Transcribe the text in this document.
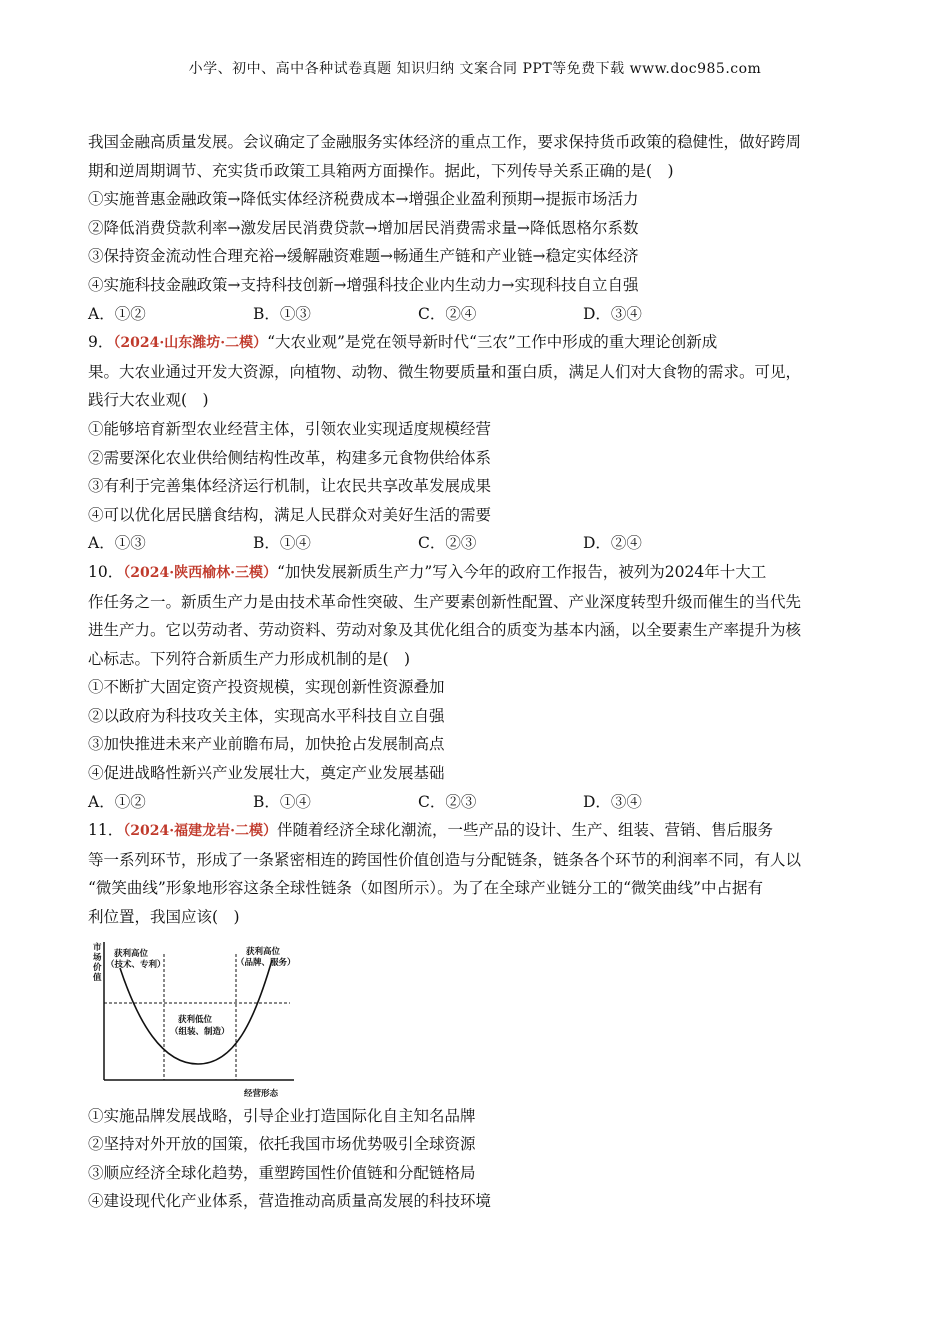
小学、初中、高中各种试卷真题 知识归纳 文案合同 PPT等免费下载 www.doc985.com
我国金融高质量发展。会议确定了金融服务实体经济的重点工作，要求保持货币政策的稳健性，做好跨周
期和逆周期调节、充实货币政策工具箱两方面操作。据此，下列传导关系正确的是(　)
①实施普惠金融政策→降低实体经济税费成本→增强企业盈利预期→提振市场活力
②降低消费贷款利率→激发居民消费贷款→增加居民消费需求量→降低恩格尔系数
③保持资金流动性合理充裕→缓解融资难题→畅通生产链和产业链→稳定实体经济
④实施科技金融政策→支持科技创新→增强科技企业内生动力→实现科技自立自强
A．①②	B．①③	C．②④	D．③④
9．（2024·山东潍坊·二模）“大农业观”是党在领导新时代“三农”工作中形成的重大理论创新成
果。大农业通过开发大资源，向植物、动物、微生物要质量和蛋白质，满足人们对大食物的需求。可见，
践行大农业观(　)
①能够培育新型农业经营主体，引领农业实现适度规模经营
②需要深化农业供给侧结构性改革，构建多元食物供给体系
③有利于完善集体经济运行机制，让农民共享改革发展成果
④可以优化居民膳食结构，满足人民群众对美好生活的需要
A．①③	B．①④	C．②③	D．②④
10．（2024·陕西榆林·三模）“加快发展新质生产力”写入今年的政府工作报告，被列为2024年十大工
作任务之一。新质生产力是由技术革命性突破、生产要素创新性配置、产业深度转型升级而催生的当代先
进生产力。它以劳动者、劳动资料、劳动对象及其优化组合的质变为基本内涵，以全要素生产率提升为核
心标志。下列符合新质生产力形成机制的是(　)
①不断扩大固定资产投资规模，实现创新性资源叠加
②以政府为科技攻关主体，实现高水平科技自立自强
③加快推进未来产业前瞻布局，加快抢占发展制高点
④促进战略性新兴产业发展壮大，奠定产业发展基础
A．①②	B．①④	C．②③	D．③④
11．（2024·福建龙岩·二模）伴随着经济全球化潮流，一些产品的设计、生产、组装、营销、售后服务
等一系列环节，形成了一条紧密相连的跨国性价值创造与分配链条，链条各个环节的利润率不同，有人以
“微笑曲线”形象地形容这条全球性链条（如图所示）。为了在全球产业链分工的“微笑曲线”中占据有
利位置，我国应该(　)
市
场
价
值
获利高位
（技术、专利）
获利高位
（品牌、服务）
获利低位
（组装、制造）
经营形态
①实施品牌发展战略，引导企业打造国际化自主知名品牌
②坚持对外开放的国策，依托我国市场优势吸引全球资源
③顺应经济全球化趋势，重塑跨国性价值链和分配链格局
④建设现代化产业体系，营造推动高质量高发展的科技环境
